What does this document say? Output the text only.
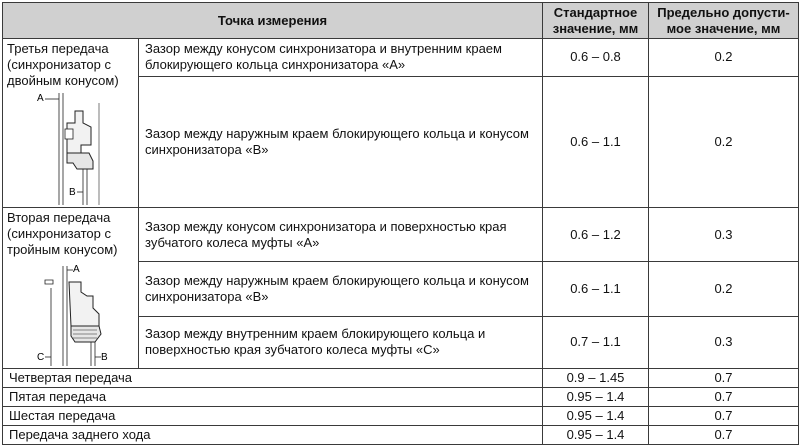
Точка измерения		Стандартное значение, мм	Предельно допусти-мое значение, мм

Третья передача (синхронизатор с двойным конусом)
A
B	Зазор между конусом синхронизатора и внутренним краем блокирующего кольца синхронизатора «A»	0.6 – 0.8	0.2
	Зазор между наружным краем блокирующего кольца и конусом синхронизатора «B»	0.6 – 1.1	0.2

Вторая передача (синхронизатор с тройным конусом)
A
C B	Зазор между конусом синхронизатора и поверхностью края зубчатого колеса муфты «A»	0.6 – 1.2	0.3
	Зазор между наружным краем блокирующего кольца и конусом синхронизатора «B»	0.6 – 1.1	0.2
	Зазор между внутренним краем блокирующего кольца и поверхностью края зубчатого колеса муфты «C»	0.7 – 1.1	0.3
Четвертая передача		0.9 – 1.45	0.7
Пятая передача		0.95 – 1.4	0.7
Шестая передача		0.95 – 1.4	0.7
Передача заднего хода		0.95 – 1.4	0.7
